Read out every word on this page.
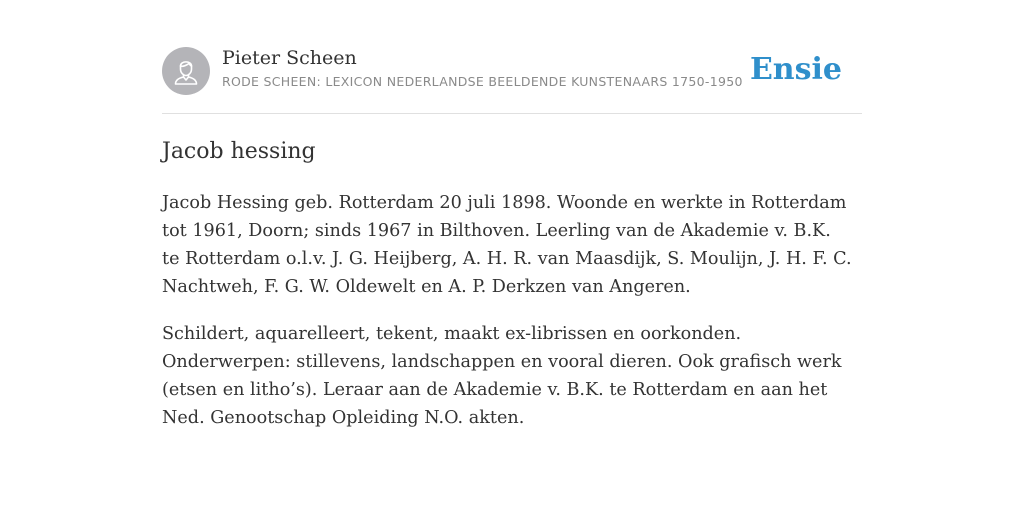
Pieter Scheen
RODE SCHEEN: LEXICON NEDERLANDSE BEELDENDE KUNSTENAARS 1750-1950 Ensie
Jacob hessing

Jacob Hessing geb. Rotterdam 20 juli 1898. Woonde en werkte in Rotterdam tot 1961, Doorn; sinds 1967 in Bilthoven. Leerling van de Akademie v. B.K. te Rotterdam o.l.v. J. G. Heijberg, A. H. R. van Maasdijk, S. Moulijn, J. H. F. C. Nachtweh, F. G. W. Oldewelt en A. P. Derkzen van Angeren.

Schildert, aquarelleert, tekent, maakt ex-librissen en oorkonden. Onderwerpen: stillevens, landschappen en vooral dieren. Ook grafisch werk (etsen en litho’s). Leraar aan de Akademie v. B.K. te Rotterdam en aan het Ned. Genootschap Opleiding N.O. akten.
